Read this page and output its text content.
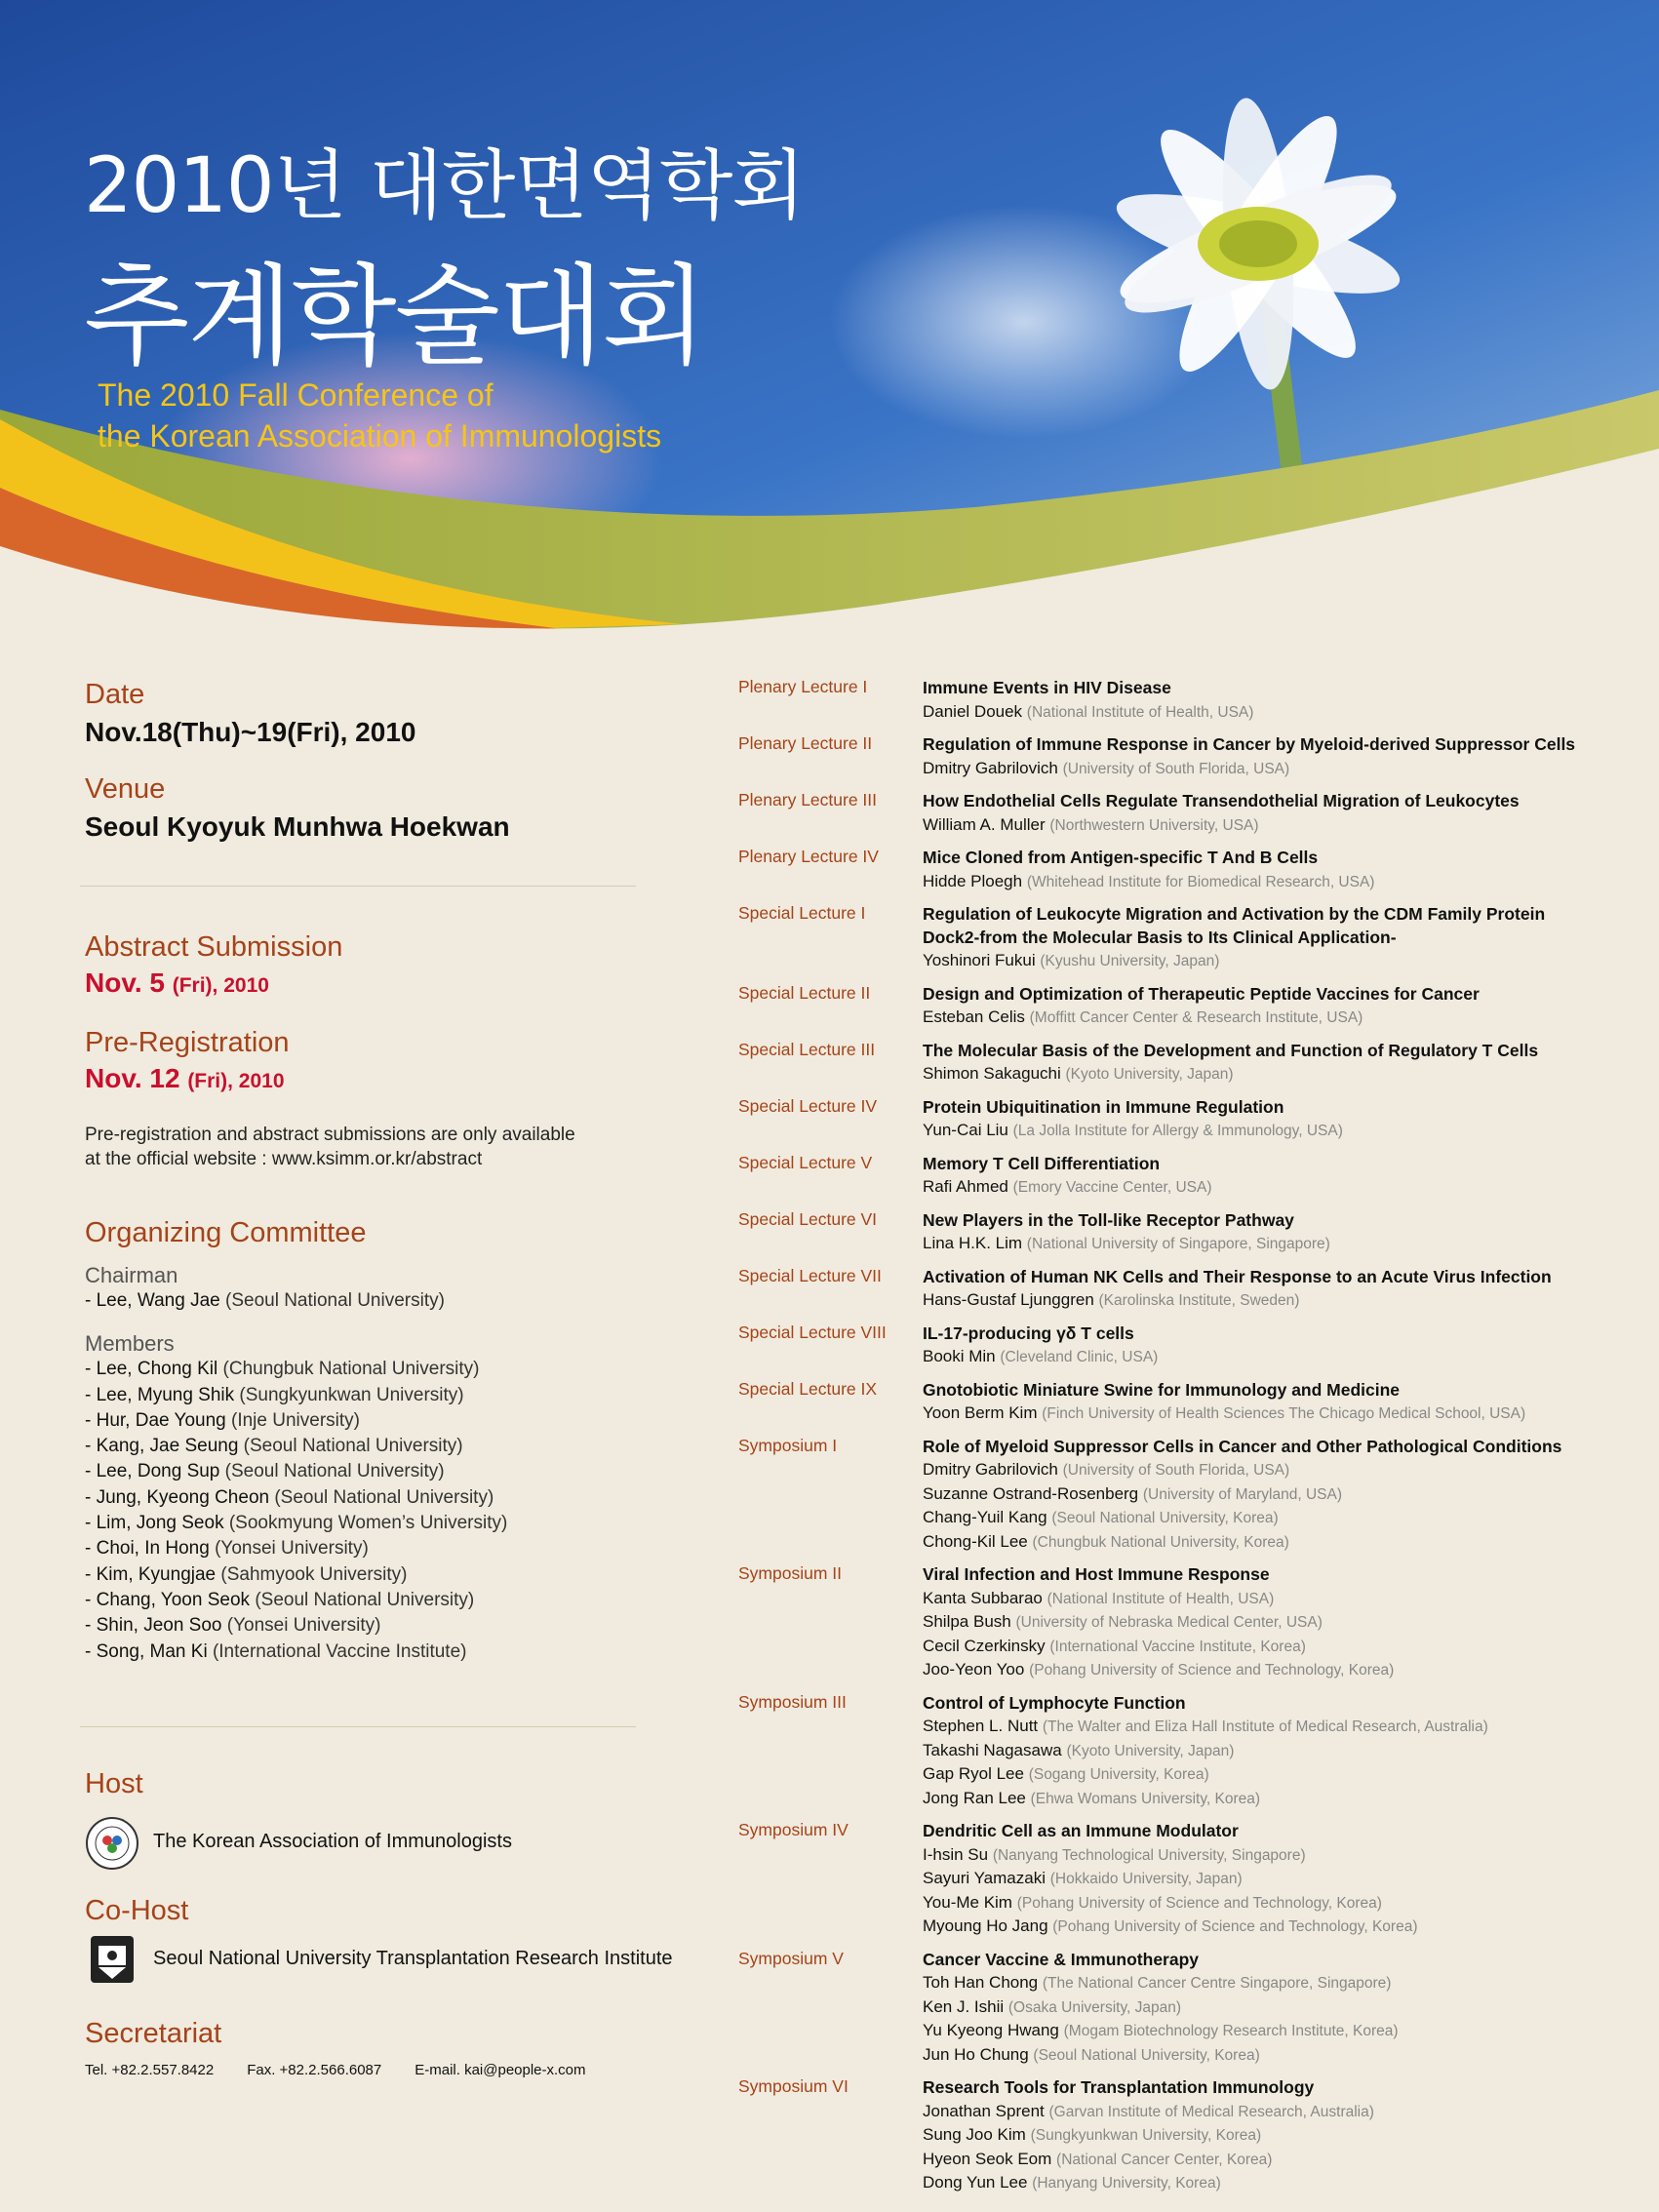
2010년 대한면역학회
추계학술대회
The 2010 Fall Conference of
the Korean Association of Immunologists
Date
Nov.18(Thu)~19(Fri), 2010
Venue
Seoul Kyoyuk Munhwa Hoekwan
Abstract Submission
Nov. 5 (Fri), 2010
Pre-Registration
Nov. 12 (Fri), 2010
Pre-registration and abstract submissions are only available
at the official website : www.ksimm.or.kr/abstract
Organizing Committee
Chairman
- Lee, Wang Jae (Seoul National University)
Members
- Lee, Chong Kil (Chungbuk National University)
- Lee, Myung Shik (Sungkyunkwan University)
- Hur, Dae Young (Inje University)
- Kang, Jae Seung (Seoul National University)
- Lee, Dong Sup (Seoul National University)
- Jung, Kyeong Cheon (Seoul National University)
- Lim, Jong Seok (Sookmyung Women’s University)
- Choi, In Hong (Yonsei University)
- Kim, Kyungjae (Sahmyook University)
- Chang, Yoon Seok (Seoul National University)
- Shin, Jeon Soo (Yonsei University)
- Song, Man Ki (International Vaccine Institute)
Host
The Korean Association of Immunologists
Co-Host
Seoul National University Transplantation Research Institute
Secretariat
Tel. +82.2.557.8422 Fax. +82.2.566.6087 E-mail. kai@people-x.com
Plenary Lecture I	Immune Events in HIV Disease
Daniel Douek (National Institute of Health, USA)
Plenary Lecture II	Regulation of Immune Response in Cancer by Myeloid-derived Suppressor Cells
Dmitry Gabrilovich (University of South Florida, USA)
Plenary Lecture III	How Endothelial Cells Regulate Transendothelial Migration of Leukocytes
William A. Muller (Northwestern University, USA)
Plenary Lecture IV	Mice Cloned from Antigen-specific T And B Cells
Hidde Ploegh (Whitehead Institute for Biomedical Research, USA)
Special Lecture I	Regulation of Leukocyte Migration and Activation by the CDM Family Protein
Dock2-from the Molecular Basis to Its Clinical Application-
Yoshinori Fukui (Kyushu University, Japan)
Special Lecture II	Design and Optimization of Therapeutic Peptide Vaccines for Cancer
Esteban Celis (Moffitt Cancer Center & Research Institute, USA)
Special Lecture III	The Molecular Basis of the Development and Function of Regulatory T Cells
Shimon Sakaguchi (Kyoto University, Japan)
Special Lecture IV	Protein Ubiquitination in Immune Regulation
Yun-Cai Liu (La Jolla Institute for Allergy & Immunology, USA)
Special Lecture V	Memory T Cell Differentiation
Rafi Ahmed (Emory Vaccine Center, USA)
Special Lecture VI	New Players in the Toll-like Receptor Pathway
Lina H.K. Lim (National University of Singapore, Singapore)
Special Lecture VII Activation of Human NK Cells and Their Response to an Acute Virus Infection
Hans-Gustaf Ljunggren (Karolinska Institute, Sweden)
Special Lecture VIII IL-17-producing γδ T cells
Booki Min (Cleveland Clinic, USA)
Special Lecture IX	Gnotobiotic Miniature Swine for Immunology and Medicine
Yoon Berm Kim (Finch University of Health Sciences The Chicago Medical School, USA)
Symposium I	Role of Myeloid Suppressor Cells in Cancer and Other Pathological Conditions
Dmitry Gabrilovich (University of South Florida, USA)
Suzanne Ostrand-Rosenberg (University of Maryland, USA)
Chang-Yuil Kang (Seoul National University, Korea)
Chong-Kil Lee (Chungbuk National University, Korea)
Symposium II	Viral Infection and Host Immune Response
Kanta Subbarao (National Institute of Health, USA)
Shilpa Bush (University of Nebraska Medical Center, USA)
Cecil Czerkinsky (International Vaccine Institute, Korea)
Joo-Yeon Yoo (Pohang University of Science and Technology, Korea)
Symposium III	Control of Lymphocyte Function
Stephen L. Nutt (The Walter and Eliza Hall Institute of Medical Research, Australia)
Takashi Nagasawa (Kyoto University, Japan)
Gap Ryol Lee (Sogang University, Korea)
Jong Ran Lee (Ehwa Womans University, Korea)
Symposium IV	Dendritic Cell as an Immune Modulator
I-hsin Su (Nanyang Technological University, Singapore)
Sayuri Yamazaki (Hokkaido University, Japan)
You-Me Kim (Pohang University of Science and Technology, Korea)
Myoung Ho Jang (Pohang University of Science and Technology, Korea)
Symposium V	Cancer Vaccine & Immunotherapy
Toh Han Chong (The National Cancer Centre Singapore, Singapore)
Ken J. Ishii (Osaka University, Japan)
Yu Kyeong Hwang (Mogam Biotechnology Research Institute, Korea)
Jun Ho Chung (Seoul National University, Korea)
Symposium VI	Research Tools for Transplantation Immunology
Jonathan Sprent (Garvan Institute of Medical Research, Australia)
Sung Joo Kim (Sungkyunkwan University, Korea)
Hyeon Seok Eom (National Cancer Center, Korea)
Dong Yun Lee (Hanyang University, Korea)
